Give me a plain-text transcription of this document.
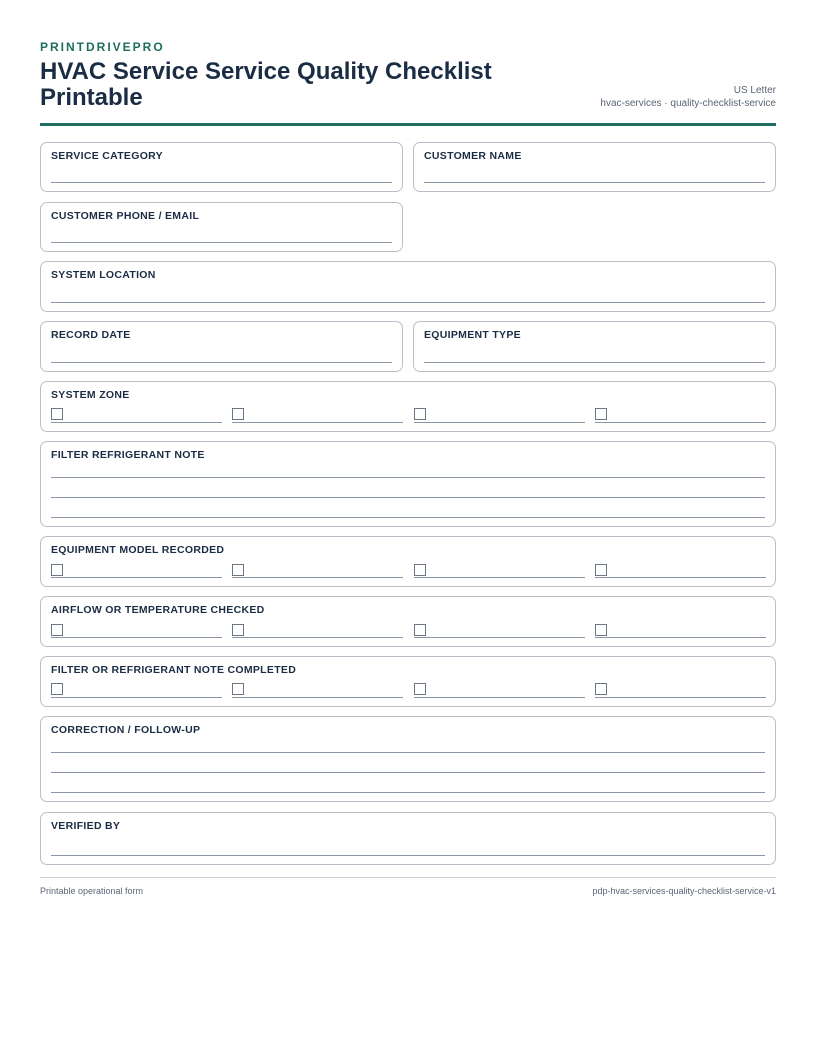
PRINTDRIVEPRO
HVAC Service Service Quality Checklist Printable	US Letter
hvac-services · quality-checklist-service
SERVICE CATEGORY	CUSTOMER NAME
CUSTOMER PHONE / EMAIL
SYSTEM LOCATION
RECORD DATE	EQUIPMENT TYPE
SYSTEM ZONE
FILTER REFRIGERANT NOTE
EQUIPMENT MODEL RECORDED
AIRFLOW OR TEMPERATURE CHECKED
FILTER OR REFRIGERANT NOTE COMPLETED
CORRECTION / FOLLOW-UP
VERIFIED BY
Printable operational form	pdp-hvac-services-quality-checklist-service-v1
